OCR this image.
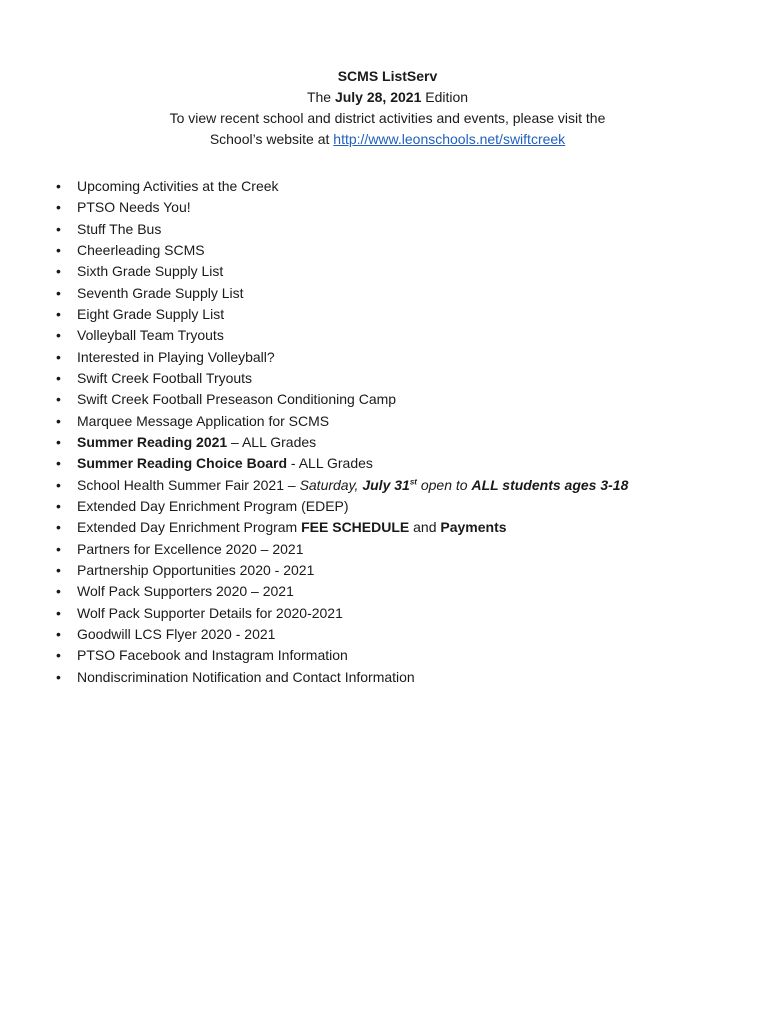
SCMS ListServ
The July 28, 2021 Edition
To view recent school and district activities and events, please visit the
School’s website at http://www.leonschools.net/swiftcreek
• Upcoming Activities at the Creek
• PTSO Needs You!
• Stuff The Bus
• Cheerleading SCMS
• Sixth Grade Supply List
• Seventh Grade Supply List
• Eight Grade Supply List
• Volleyball Team Tryouts
• Interested in Playing Volleyball?
• Swift Creek Football Tryouts
• Swift Creek Football Preseason Conditioning Camp
• Marquee Message Application for SCMS
• Summer Reading 2021 – ALL Grades
• Summer Reading Choice Board - ALL Grades
• School Health Summer Fair 2021 – Saturday, July 31st open to ALL students ages 3-18
• Extended Day Enrichment Program (EDEP)
• Extended Day Enrichment Program FEE SCHEDULE and Payments
• Partners for Excellence 2020 – 2021
• Partnership Opportunities 2020 - 2021
• Wolf Pack Supporters 2020 – 2021
• Wolf Pack Supporter Details for 2020-2021
• Goodwill LCS Flyer 2020 - 2021
• PTSO Facebook and Instagram Information
• Nondiscrimination Notification and Contact Information
